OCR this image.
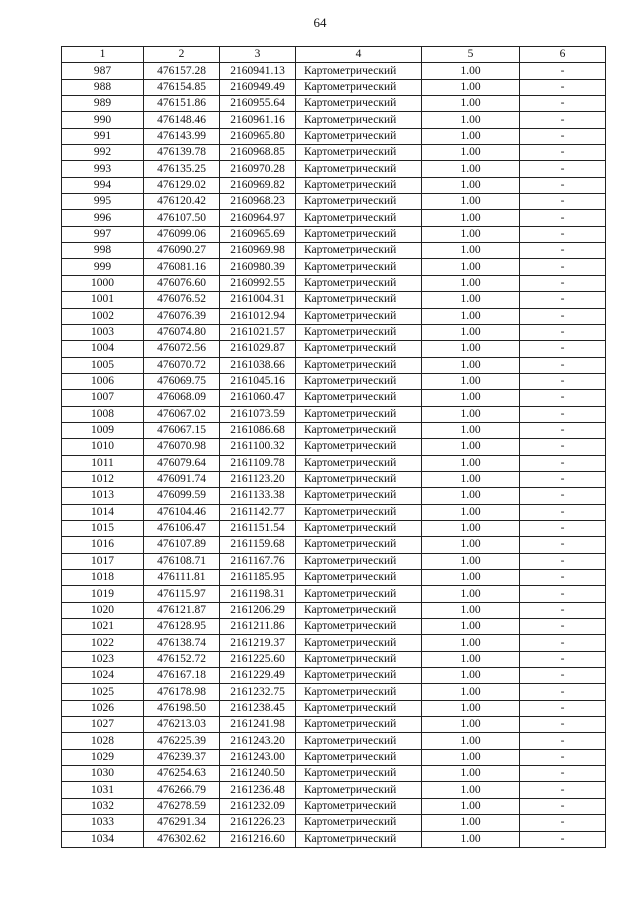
64
1	2	3	4	5	6
987	476157.28	2160941.13	Картометрический	1.00	-
988	476154.85	2160949.49	Картометрический	1.00	-
989	476151.86	2160955.64	Картометрический	1.00	-
990	476148.46	2160961.16	Картометрический	1.00	-
991	476143.99	2160965.80	Картометрический	1.00	-
992	476139.78	2160968.85	Картометрический	1.00	-
993	476135.25	2160970.28	Картометрический	1.00	-
994	476129.02	2160969.82	Картометрический	1.00	-
995	476120.42	2160968.23	Картометрический	1.00	-
996	476107.50	2160964.97	Картометрический	1.00	-
997	476099.06	2160965.69	Картометрический	1.00	-
998	476090.27	2160969.98	Картометрический	1.00	-
999	476081.16	2160980.39	Картометрический	1.00	-
1000	476076.60	2160992.55	Картометрический	1.00	-
1001	476076.52	2161004.31	Картометрический	1.00	-
1002	476076.39	2161012.94	Картометрический	1.00	-
1003	476074.80	2161021.57	Картометрический	1.00	-
1004	476072.56	2161029.87	Картометрический	1.00	-
1005	476070.72	2161038.66	Картометрический	1.00	-
1006	476069.75	2161045.16	Картометрический	1.00	-
1007	476068.09	2161060.47	Картометрический	1.00	-
1008	476067.02	2161073.59	Картометрический	1.00	-
1009	476067.15	2161086.68	Картометрический	1.00	-
1010	476070.98	2161100.32	Картометрический	1.00	-
1011	476079.64	2161109.78	Картометрический	1.00	-
1012	476091.74	2161123.20	Картометрический	1.00	-
1013	476099.59	2161133.38	Картометрический	1.00	-
1014	476104.46	2161142.77	Картометрический	1.00	-
1015	476106.47	2161151.54	Картометрический	1.00	-
1016	476107.89	2161159.68	Картометрический	1.00	-
1017	476108.71	2161167.76	Картометрический	1.00	-
1018	476111.81	2161185.95	Картометрический	1.00	-
1019	476115.97	2161198.31	Картометрический	1.00	-
1020	476121.87	2161206.29	Картометрический	1.00	-
1021	476128.95	2161211.86	Картометрический	1.00	-
1022	476138.74	2161219.37	Картометрический	1.00	-
1023	476152.72	2161225.60	Картометрический	1.00	-
1024	476167.18	2161229.49	Картометрический	1.00	-
1025	476178.98	2161232.75	Картометрический	1.00	-
1026	476198.50	2161238.45	Картометрический	1.00	-
1027	476213.03	2161241.98	Картометрический	1.00	-
1028	476225.39	2161243.20	Картометрический	1.00	-
1029	476239.37	2161243.00	Картометрический	1.00	-
1030	476254.63	2161240.50	Картометрический	1.00	-
1031	476266.79	2161236.48	Картометрический	1.00	-
1032	476278.59	2161232.09	Картометрический	1.00	-
1033	476291.34	2161226.23	Картометрический	1.00	-
1034	476302.62	2161216.60	Картометрический	1.00	-
